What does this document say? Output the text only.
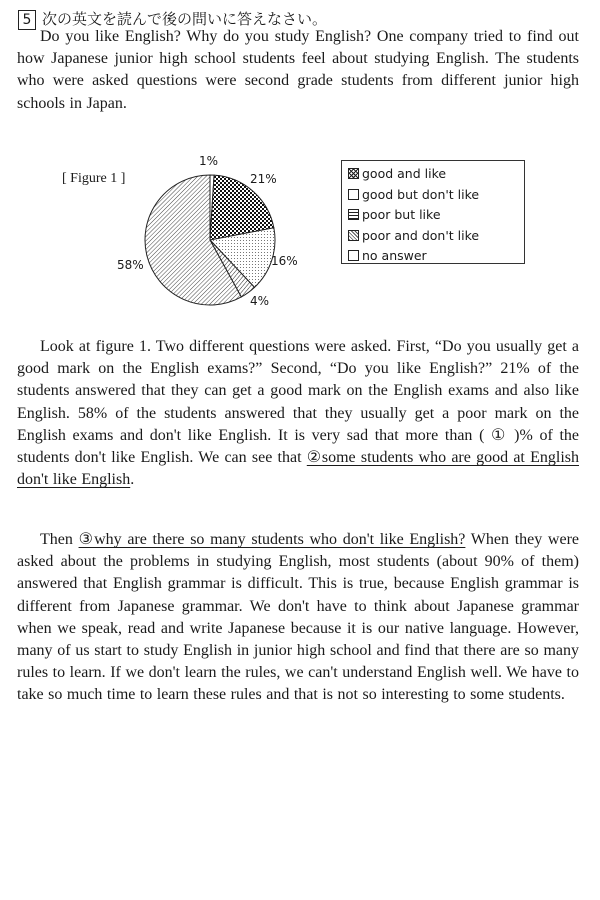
5 次の英文を読んで後の問いに答えなさい。

Do you like English? Why do you study English? One company tried to find out how Japanese junior high school students feel about studying English. The students who were asked questions were second grade students from different junior high schools in Japan.

[ Figure 1 ]
1%
21%
16%
4%
58%
good and like
good but don't like
poor but like
poor and don't like
no answer

Look at figure 1. Two different questions were asked. First, “Do you usually get a good mark on the English exams?” Second, “Do you like English?” 21% of the students answered that they can get a good mark on the English exams and also like English. 58% of the students answered that they usually get a poor mark on the English exams and don't like English. It is very sad that more than ( ① )% of the students don't like English. We can see that ②some students who are good at English don't like English.

Then ③why are there so many students who don't like English? When they were asked about the problems in studying English, most students (about 90% of them) answered that English grammar is difficult. This is true, because English grammar is different from Japanese grammar. We don't have to think about Japanese grammar when we speak, read and write Japanese because it is our native language. However, many of us start to study English in junior high school and find that there are so many rules to learn. If we don't learn the rules, we can't understand English well. We have to take so much time to learn these rules and that is not so interesting to some students.
